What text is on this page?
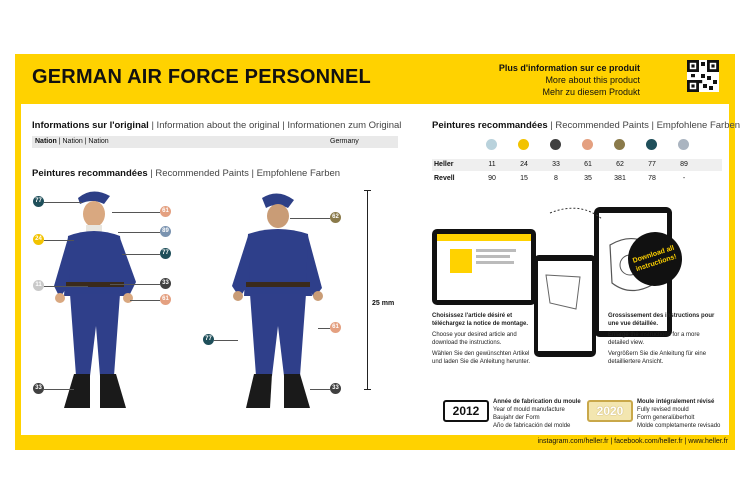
GERMAN AIR FORCE PERSONNEL	Plus d'information sur ce produit
More about this product
Mehr zu diesem Produkt
Informations sur l'original | Information about the original | Informationen zum Original
Nation | Nation | Nation	Germany
Peintures recommandées | Recommended Paints | Empfohlene Farben
77
24
11
33
61
89
77
33
61
62
61
77
33
25 mm
Peintures recommandées | Recommended Paints | Empfohlene Farben
Heller	11	24	33	61	62	77	89
Revell	90	15	8	35	381	78	-
Download all instructions!
Choisissez l'article désiré et téléchargez la notice de montage.
Choose your desired article and download the instructions.
Wählen Sie den gewünschten Artikel und laden Sie die Anleitung herunter.
Grossissement des instructions pour une vue détaillée.
Enlarge the instructions for a more detailed view.
Vergrößern Sie die Anleitung für eine detailliertere Ansicht.
2012
Année de fabrication du moule
Year of mould manufacture
Baujahr der Form
Año de fabricación del molde
2020
Moule intégralement révisé
Fully revised mould
Form generalüberholt
Molde completamente revisado
instagram.com/heller.fr | facebook.com/heller.fr | www.heller.fr
